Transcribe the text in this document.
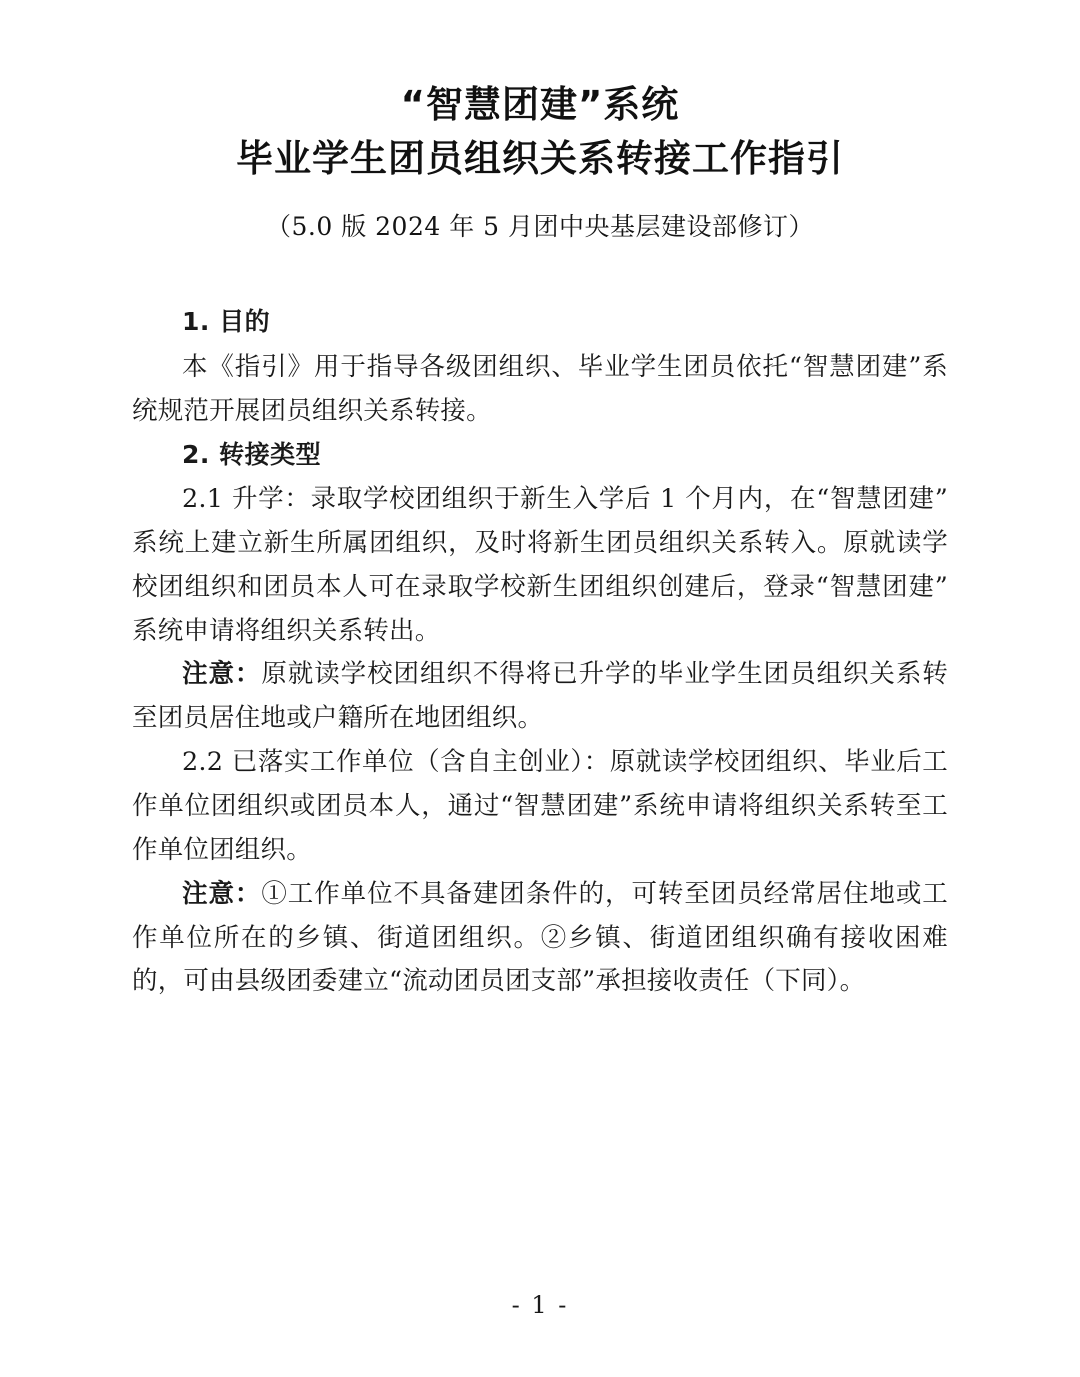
“智慧团建”系统
毕业学生团员组织关系转接工作指引
（5.0 版 2024 年 5 月团中央基层建设部修订）
1. 目的

本《指引》用于指导各级团组织、毕业学生团员依托“智慧团建”系统规范开展团员组织关系转接。

2. 转接类型

2.1 升学：录取学校团组织于新生入学后 1 个月内，在“智慧团建”系统上建立新生所属团组织，及时将新生团员组织关系转入。原就读学校团组织和团员本人可在录取学校新生团组织创建后，登录“智慧团建”系统申请将组织关系转出。

注意：原就读学校团组织不得将已升学的毕业学生团员组织关系转至团员居住地或户籍所在地团组织。

2.2 已落实工作单位（含自主创业）：原就读学校团组织、毕业后工作单位团组织或团员本人，通过“智慧团建”系统申请将组织关系转至工作单位团组织。

注意：①工作单位不具备建团条件的，可转至团员经常居住地或工作单位所在的乡镇、街道团组织。②乡镇、街道团组织确有接收困难的，可由县级团委建立“流动团员团支部”承担接收责任（下同）。

- 1 -
